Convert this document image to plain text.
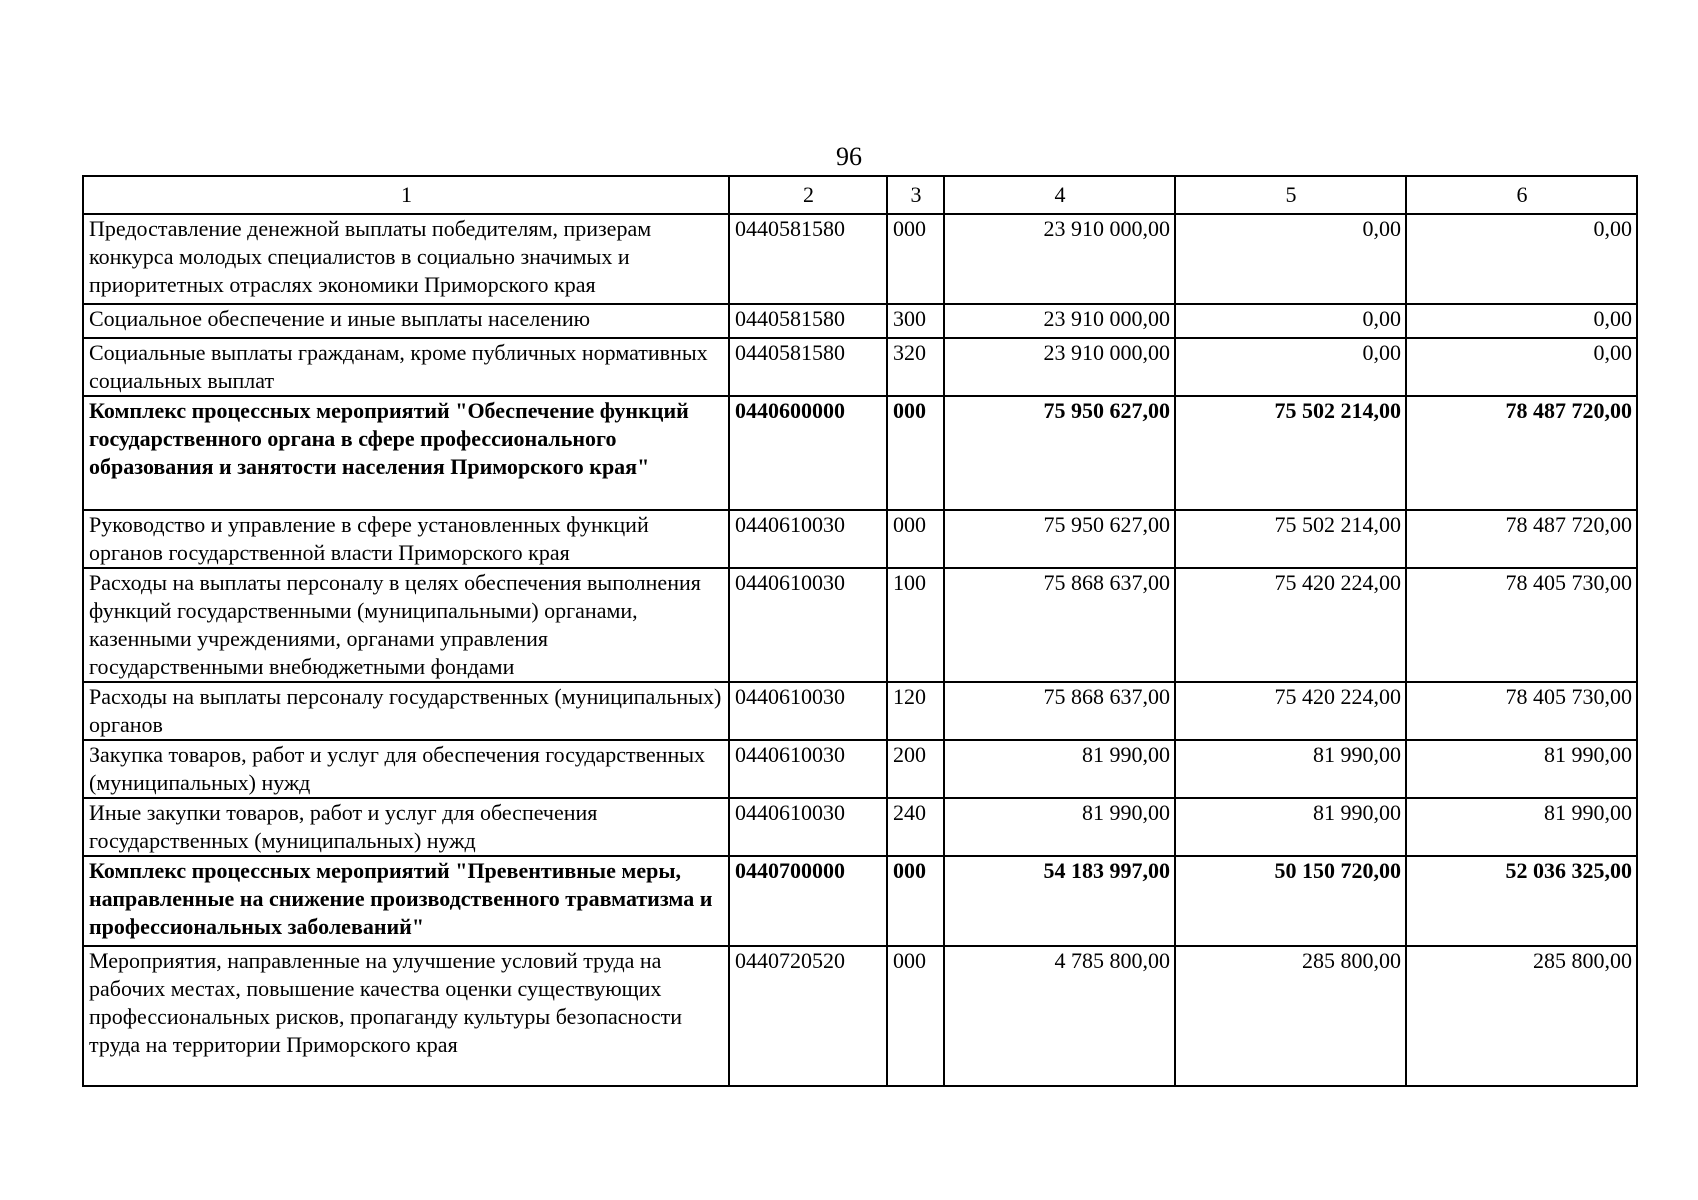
96
1	2	3	4	5	6
Предоставление денежной выплаты победителям, призерам конкурса молодых специалистов в социально значимых и приоритетных отраслях экономики Приморского края	0440581580	000	23 910 000,00	0,00	0,00
Социальное обеспечение и иные выплаты населению	0440581580	300	23 910 000,00	0,00	0,00
Социальные выплаты гражданам, кроме публичных нормативных социальных выплат	0440581580	320	23 910 000,00	0,00	0,00
Комплекс процессных мероприятий "Обеспечение функций государственного органа в сфере профессионального образования и занятости населения Приморского края"	0440600000	000	75 950 627,00	75 502 214,00	78 487 720,00
Руководство и управление в сфере установленных функций органов государственной власти Приморского края	0440610030	000	75 950 627,00	75 502 214,00	78 487 720,00
Расходы на выплаты персоналу в целях обеспечения выполнения функций государственными (муниципальными) органами, казенными учреждениями, органами управления государственными внебюджетными фондами	0440610030	100	75 868 637,00	75 420 224,00	78 405 730,00
Расходы на выплаты персоналу государственных (муниципальных) органов	0440610030	120	75 868 637,00	75 420 224,00	78 405 730,00
Закупка товаров, работ и услуг для обеспечения государственных (муниципальных) нужд	0440610030	200	81 990,00	81 990,00	81 990,00
Иные закупки товаров, работ и услуг для обеспечения государственных (муниципальных) нужд	0440610030	240	81 990,00	81 990,00	81 990,00
Комплекс процессных мероприятий "Превентивные меры, направленные на снижение производственного травматизма и профессиональных заболеваний"	0440700000	000	54 183 997,00	50 150 720,00	52 036 325,00
Мероприятия, направленные на улучшение условий труда на рабочих местах, повышение качества оценки существующих профессиональных рисков, пропаганду культуры безопасности труда на территории Приморского края	0440720520	000	4 785 800,00	285 800,00	285 800,00
